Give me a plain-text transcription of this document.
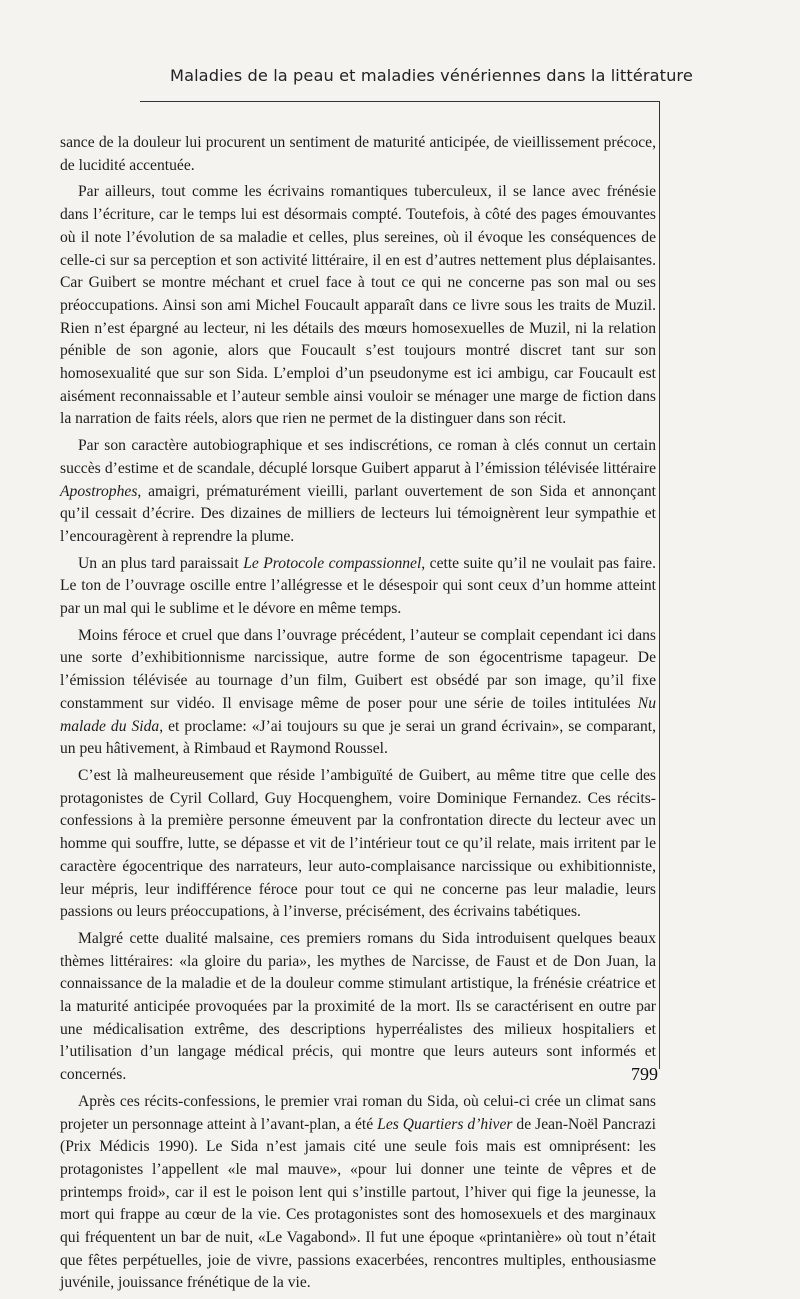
Maladies de la peau et maladies vénériennes dans la littérature

sance de la douleur lui procurent un sentiment de maturité anticipée, de vieillissement précoce, de lucidité accentuée.

Par ailleurs, tout comme les écrivains romantiques tuberculeux, il se lance avec frénésie dans l’écriture, car le temps lui est désormais compté. Toutefois, à côté des pages émouvantes où il note l’évolution de sa maladie et celles, plus sereines, où il évoque les conséquences de celle-ci sur sa perception et son activité littéraire, il en est d’autres nettement plus déplaisantes. Car Guibert se montre méchant et cruel face à tout ce qui ne concerne pas son mal ou ses préoccupations. Ainsi son ami Michel Foucault apparaît dans ce livre sous les traits de Muzil. Rien n’est épargné au lecteur, ni les détails des mœurs homosexuelles de Muzil, ni la relation pénible de son agonie, alors que Foucault s’est toujours montré discret tant sur son homosexualité que sur son Sida. L’emploi d’un pseudonyme est ici ambigu, car Foucault est aisément reconnaissable et l’auteur semble ainsi vouloir se ménager une marge de fiction dans la narration de faits réels, alors que rien ne permet de la distinguer dans son récit.

Par son caractère autobiographique et ses indiscrétions, ce roman à clés connut un certain succès d’estime et de scandale, décuplé lorsque Guibert apparut à l’émission télévisée littéraire Apostrophes, amaigri, prématurément vieilli, parlant ouvertement de son Sida et annonçant qu’il cessait d’écrire. Des dizaines de milliers de lecteurs lui témoignèrent leur sympathie et l’encouragèrent à reprendre la plume.

Un an plus tard paraissait Le Protocole compassionnel, cette suite qu’il ne voulait pas faire. Le ton de l’ouvrage oscille entre l’allégresse et le désespoir qui sont ceux d’un homme atteint par un mal qui le sublime et le dévore en même temps.

Moins féroce et cruel que dans l’ouvrage précédent, l’auteur se complait cependant ici dans une sorte d’exhibitionnisme narcissique, autre forme de son égocentrisme tapageur. De l’émission télévisée au tournage d’un film, Guibert est obsédé par son image, qu’il fixe constamment sur vidéo. Il envisage même de poser pour une série de toiles intitulées Nu malade du Sida, et proclame: «J’ai toujours su que je serai un grand écrivain», se comparant, un peu hâtivement, à Rimbaud et Raymond Roussel.

C’est là malheureusement que réside l’ambiguïté de Guibert, au même titre que celle des protagonistes de Cyril Collard, Guy Hocquenghem, voire Dominique Fernandez. Ces récits-confessions à la première personne émeuvent par la confrontation directe du lecteur avec un homme qui souffre, lutte, se dépasse et vit de l’intérieur tout ce qu’il relate, mais irritent par le caractère égocentrique des narrateurs, leur auto-complaisance narcissique ou exhibitionniste, leur mépris, leur indifférence féroce pour tout ce qui ne concerne pas leur maladie, leurs passions ou leurs préoccupations, à l’inverse, précisément, des écrivains tabétiques.

Malgré cette dualité malsaine, ces premiers romans du Sida introduisent quelques beaux thèmes littéraires: «la gloire du paria», les mythes de Narcisse, de Faust et de Don Juan, la connaissance de la maladie et de la douleur comme stimulant artistique, la frénésie créatrice et la maturité anticipée provoquées par la proximité de la mort. Ils se caractérisent en outre par une médicalisation extrême, des descriptions hyperréalistes des milieux hospitaliers et l’utilisation d’un langage médical précis, qui montre que leurs auteurs sont informés et concernés.

Après ces récits-confessions, le premier vrai roman du Sida, où celui-ci crée un climat sans projeter un personnage atteint à l’avant-plan, a été Les Quartiers d’hiver de Jean-Noël Pancrazi (Prix Médicis 1990). Le Sida n’est jamais cité une seule fois mais est omniprésent: les protagonistes l’appellent «le mal mauve», «pour lui donner une teinte de vêpres et de printemps froid», car il est le poison lent qui s’instille partout, l’hiver qui fige la jeunesse, la mort qui frappe au cœur de la vie. Ces protagonistes sont des homosexuels et des marginaux qui fréquentent un bar de nuit, «Le Vagabond». Il fut une époque «printanière» où tout n’était que fêtes perpétuelles, joie de vivre, passions exacerbées, rencontres multiples, enthousiasme juvénile, jouissance frénétique de la vie.

799
